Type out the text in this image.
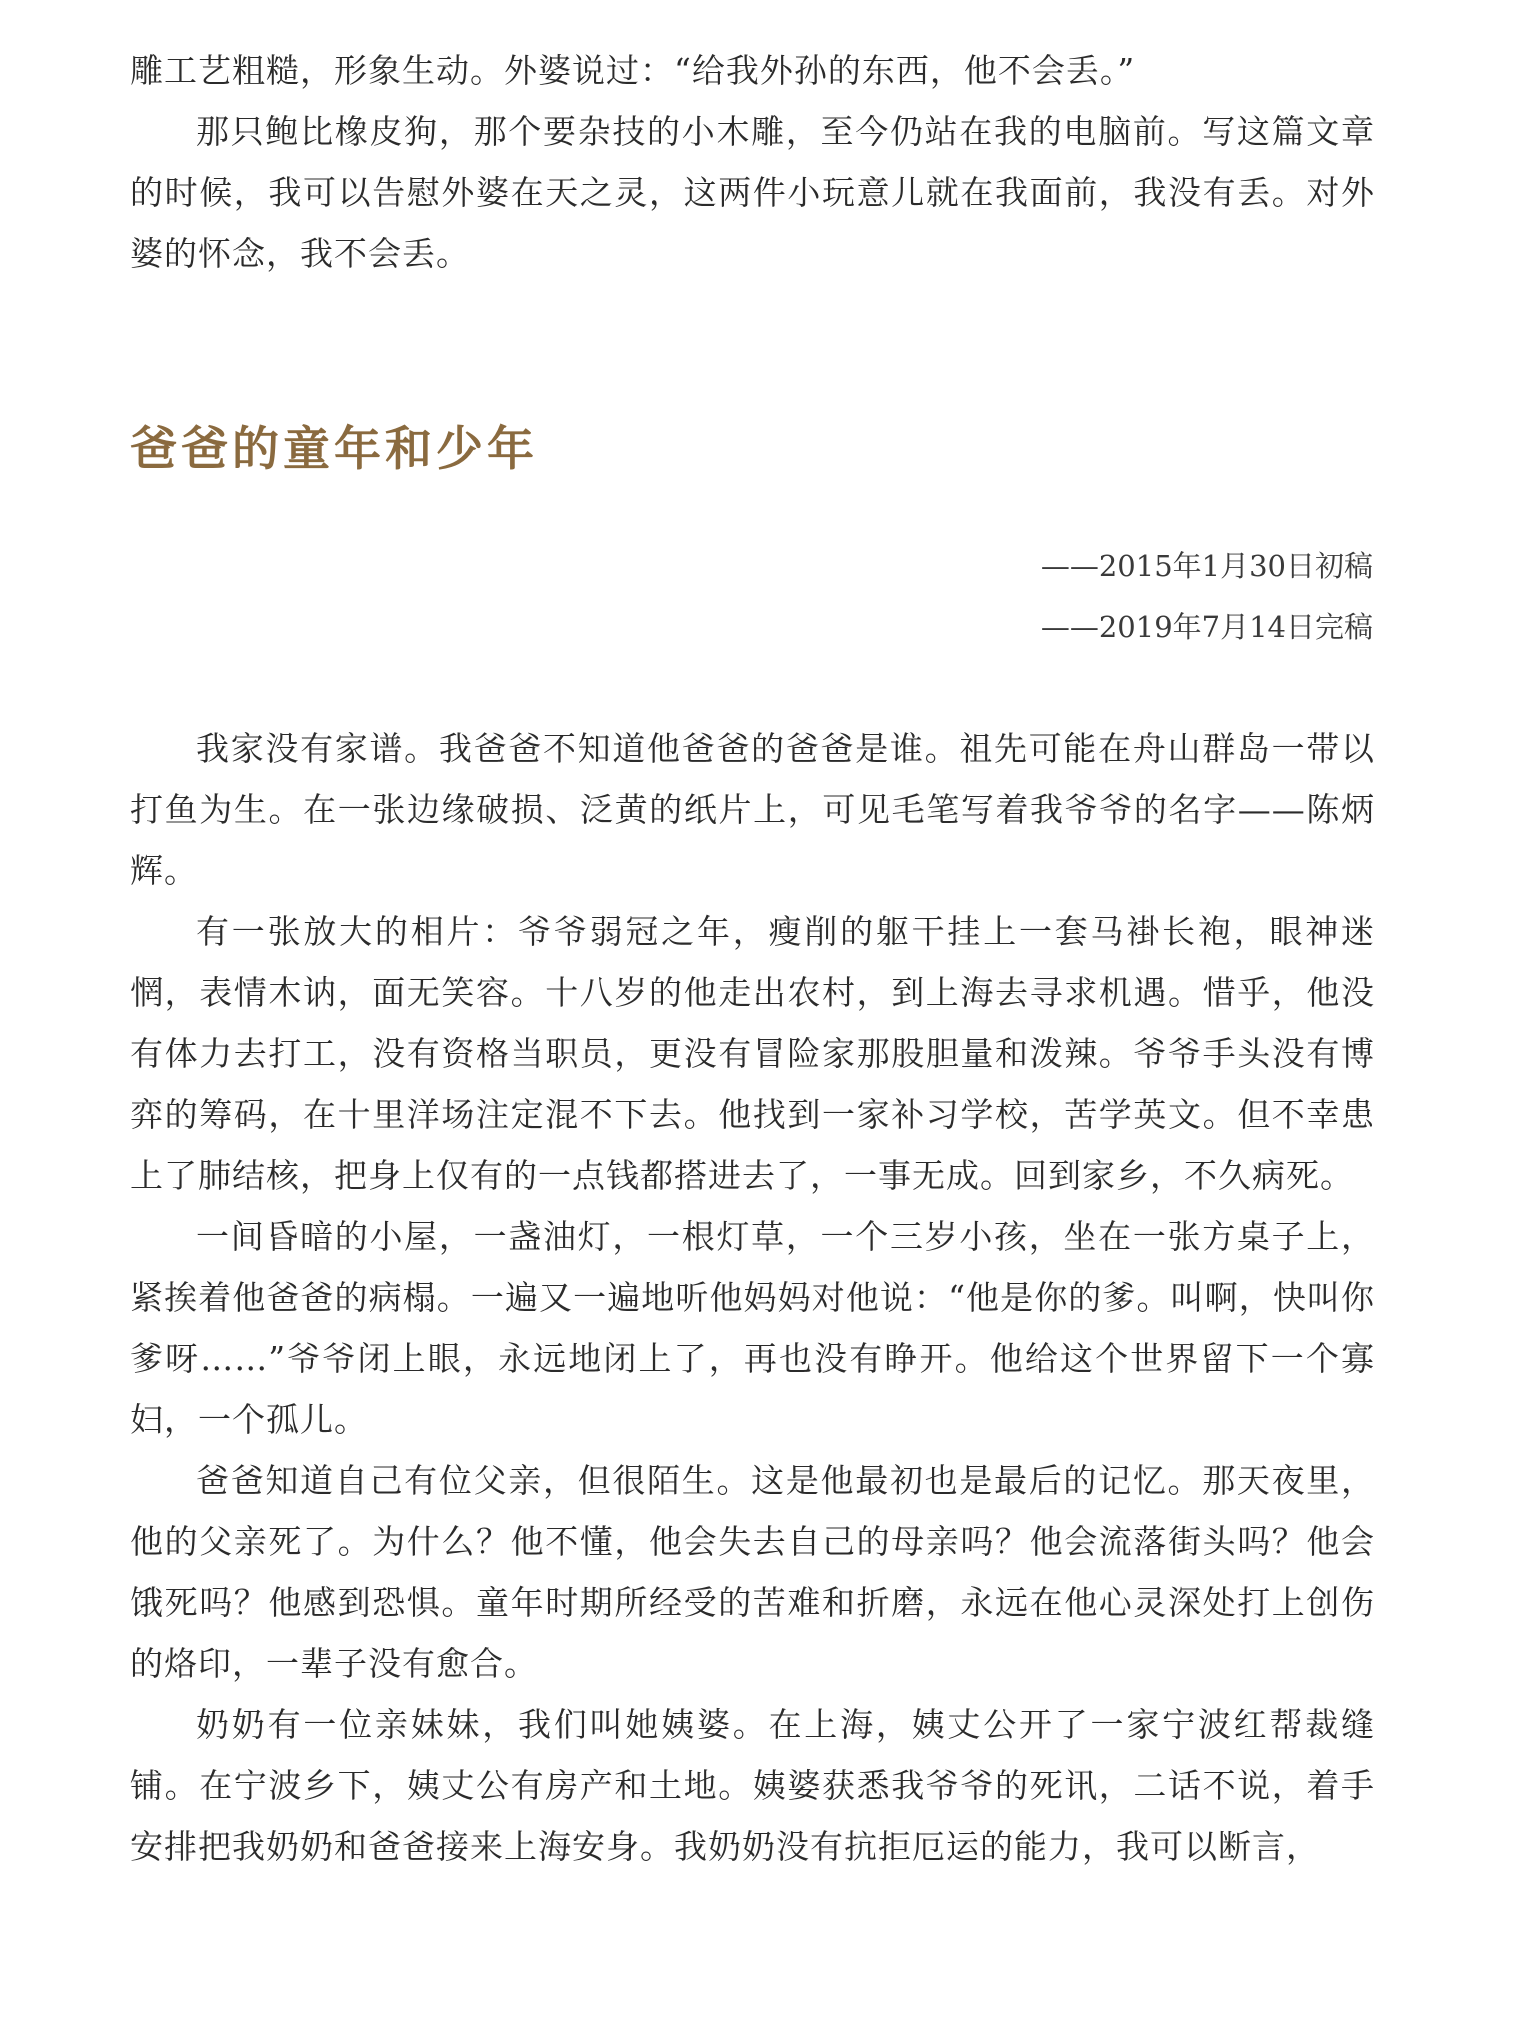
雕工艺粗糙，形象生动。外婆说过：“给我外孙的东西，他不会丢。”

那只鲍比橡皮狗，那个要杂技的小木雕，至今仍站在我的电脑前。写这篇文章的时候，我可以告慰外婆在天之灵，这两件小玩意儿就在我面前，我没有丢。对外婆的怀念，我不会丢。

爸爸的童年和少年
——2015年1月30日初稿
——2019年7月14日完稿

我家没有家谱。我爸爸不知道他爸爸的爸爸是谁。祖先可能在舟山群岛一带以打鱼为生。在一张边缘破损、泛黄的纸片上，可见毛笔写着我爷爷的名字——陈炳辉。

有一张放大的相片：爷爷弱冠之年，瘦削的躯干挂上一套马褂长袍，眼神迷惘，表情木讷，面无笑容。十八岁的他走出农村，到上海去寻求机遇。惜乎，他没有体力去打工，没有资格当职员，更没有冒险家那股胆量和泼辣。爷爷手头没有博弈的筹码，在十里洋场注定混不下去。他找到一家补习学校，苦学英文。但不幸患上了肺结核，把身上仅有的一点钱都搭进去了，一事无成。回到家乡，不久病死。

一间昏暗的小屋，一盏油灯，一根灯草，一个三岁小孩，坐在一张方桌子上，紧挨着他爸爸的病榻。一遍又一遍地听他妈妈对他说：“他是你的爹。叫啊，快叫你爹呀……”爷爷闭上眼，永远地闭上了，再也没有睁开。他给这个世界留下一个寡妇，一个孤儿。

爸爸知道自己有位父亲，但很陌生。这是他最初也是最后的记忆。那天夜里，他的父亲死了。为什么？他不懂，他会失去自己的母亲吗？他会流落街头吗？他会饿死吗？他感到恐惧。童年时期所经受的苦难和折磨，永远在他心灵深处打上创伤的烙印，一辈子没有愈合。

奶奶有一位亲妹妹，我们叫她姨婆。在上海，姨丈公开了一家宁波红帮裁缝铺。在宁波乡下，姨丈公有房产和土地。姨婆获悉我爷爷的死讯，二话不说，着手安排把我奶奶和爸爸接来上海安身。我奶奶没有抗拒厄运的能力，我可以断言，
